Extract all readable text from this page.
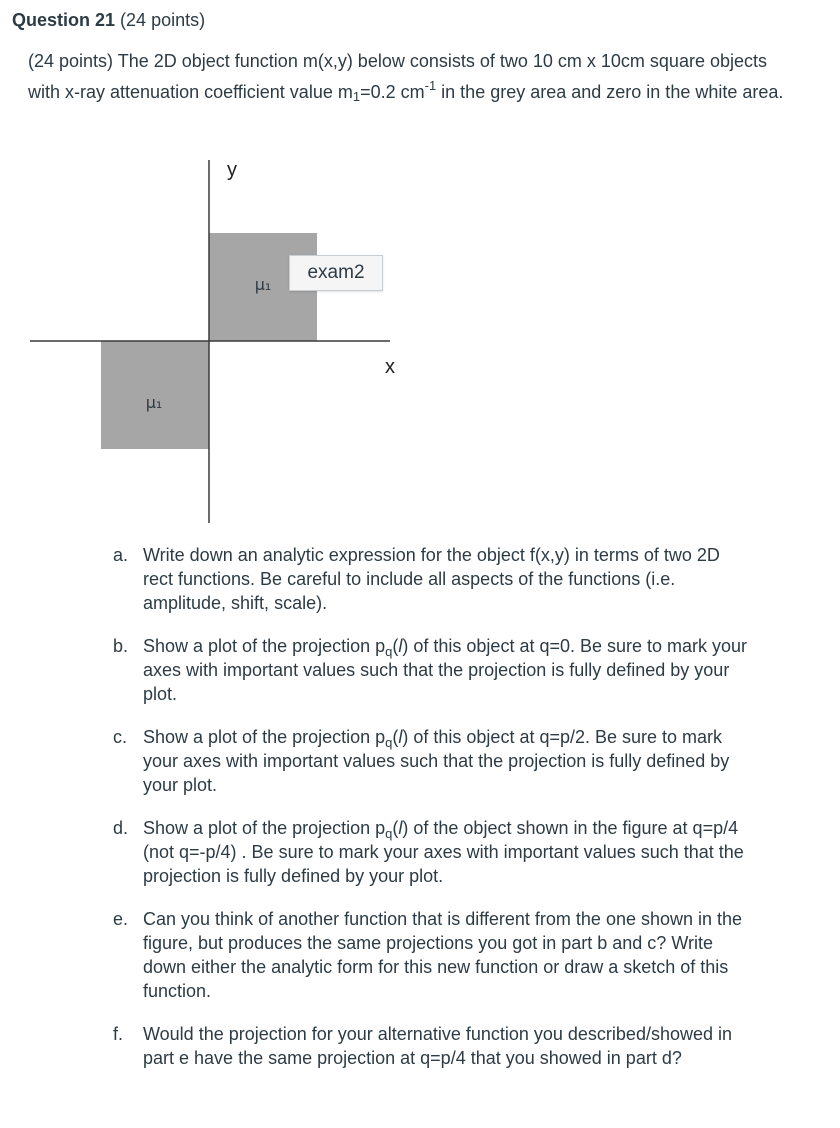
Question 21 (24 points)
(24 points) The 2D object function m(x,y) below consists of two 10 cm x 10cm square objects with x-ray attenuation coefficient value $m_1=0.2$ $cm^{-1}$ in the grey area and zero in the white area.
y
x
μ₁
μ₁
exam2
a. Write down an analytic expression for the object f(x,y) in terms of two 2D rect functions. Be careful to include all aspects of the functions (i.e. amplitude, shift, scale).
b. Show a plot of the projection $p_q(l)$ of this object at q=0. Be sure to mark your axes with important values such that the projection is fully defined by your plot.
c. Show a plot of the projection $p_q(l)$ of this object at q=p/2. Be sure to mark your axes with important values such that the projection is fully defined by your plot.
d. Show a plot of the projection $p_q(l)$ of the object shown in the figure at q=p/4 (not q=-p/4) . Be sure to mark your axes with important values such that the projection is fully defined by your plot.
e. Can you think of another function that is different from the one shown in the figure, but produces the same projections you got in part b and c? Write down either the analytic form for this new function or draw a sketch of this function.
f. Would the projection for your alternative function you described/showed in part e have the same projection at q=p/4 that you showed in part d?
